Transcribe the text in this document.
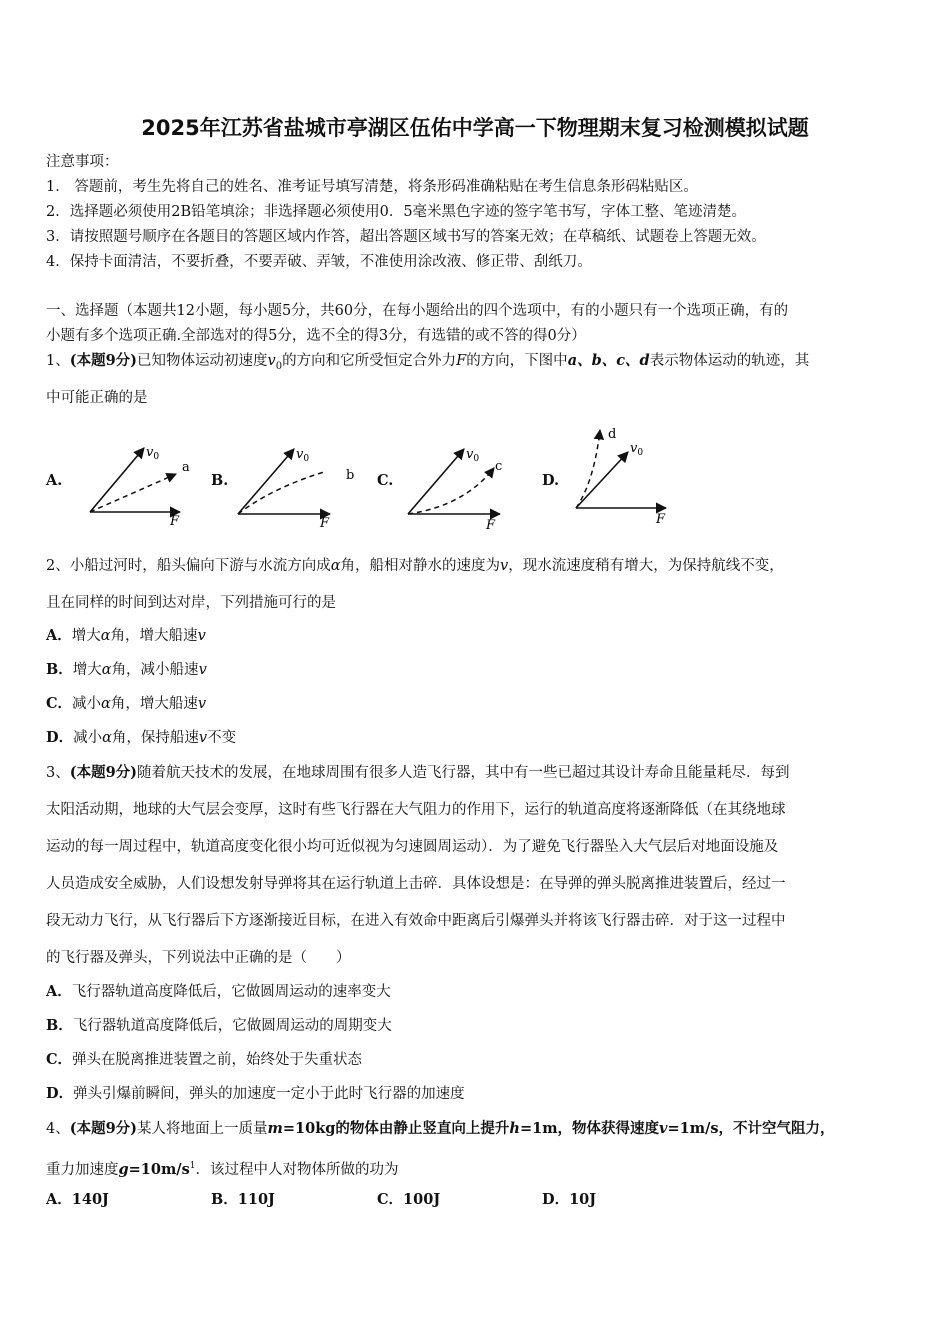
2025年江苏省盐城市亭湖区伍佑中学高一下物理期末复习检测模拟试题
注意事项：
1． 答题前，考生先将自己的姓名、准考证号填写清楚，将条形码准确粘贴在考生信息条形码粘贴区。
2．选择题必须使用2B铅笔填涂；非选择题必须使用0．5毫米黑色字迹的签字笔书写，字体工整、笔迹清楚。
3．请按照题号顺序在各题目的答题区域内作答，超出答题区域书写的答案无效；在草稿纸、试题卷上答题无效。
4．保持卡面清洁，不要折叠，不要弄破、弄皱，不准使用涂改液、修正带、刮纸刀。
一、选择题（本题共12小题，每小题5分，共60分，在每小题给出的四个选项中，有的小题只有一个选项正确，有的
小题有多个选项正确.全部选对的得5分，选不全的得3分，有选错的或不答的得0分）
1、(本题9分)已知物体运动初速度$v_0$的方向和它所受恒定合外力F的方向，下图中a、b、c、d表示物体运动的轨迹，其
中可能正确的是
A.
$v_0$
a
F
B.
$v_0$
b
F
C.
$v_0$ c
F
D.
$v_0$
d
F
2、小船过河时，船头偏向下游与水流方向成α角，船相对静水的速度为v，现水流速度稍有增大，为保持航线不变，
且在同样的时间到达对岸，下列措施可行的是
A．增大α角，增大船速v
B．增大α角，减小船速v
C．减小α角，增大船速v
D．减小α角，保持船速v不变
3、(本题9分)随着航天技术的发展，在地球周围有很多人造飞行器，其中有一些已超过其设计寿命且能量耗尽．每到
太阳活动期，地球的大气层会变厚，这时有些飞行器在大气阻力的作用下，运行的轨道高度将逐渐降低（在其绕地球
运动的每一周过程中，轨道高度变化很小均可近似视为匀速圆周运动）．为了避免飞行器坠入大气层后对地面设施及
人员造成安全威胁，人们设想发射导弹将其在运行轨道上击碎．具体设想是：在导弹的弹头脱离推进装置后，经过一
段无动力飞行，从飞行器后下方逐渐接近目标，在进入有效命中距离后引爆弹头并将该飞行器击碎．对于这一过程中
的飞行器及弹头，下列说法中正确的是（　　）
A．飞行器轨道高度降低后，它做圆周运动的速率变大
B．飞行器轨道高度降低后，它做圆周运动的周期变大
C．弹头在脱离推进装置之前，始终处于失重状态
D．弹头引爆前瞬间，弹头的加速度一定小于此时飞行器的加速度
4、(本题9分)某人将地面上一质量m=10kg的物体由静止竖直向上提升h=1m，物体获得速度v=1m/s，不计空气阻力，
重力加速度$g=10m/s^1$．该过程中人对物体所做的功为
A．140J	B．110J	C．100J	D．10J
